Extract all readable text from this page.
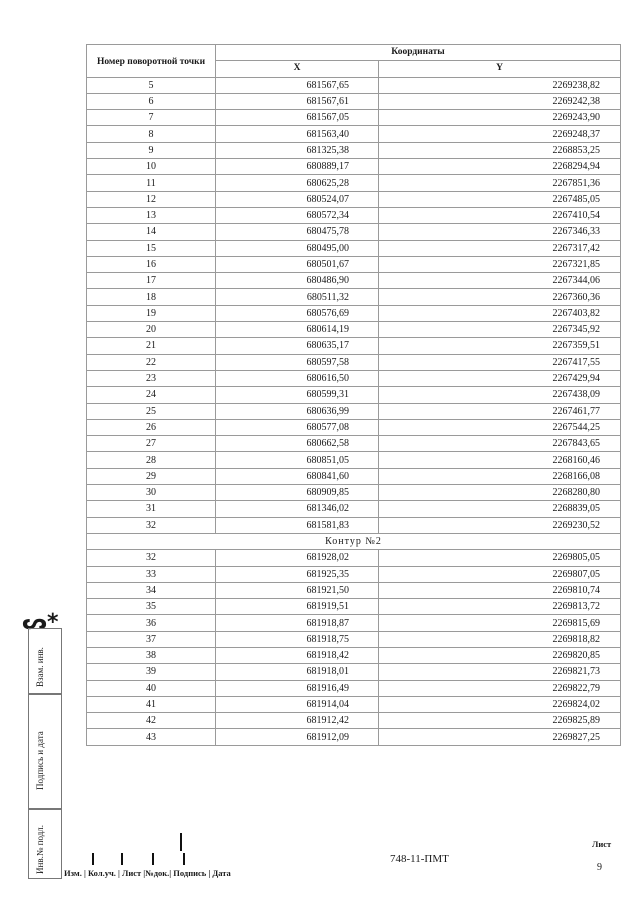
Номер поворотной точки	Координаты	
	X	Y
5	681567,65	2269238,82
6	681567,61	2269242,38
7	681567,05	2269243,90
8	681563,40	2269248,37
9	681325,38	2268853,25
10	680889,17	2268294,94
11	680625,28	2267851,36
12	680524,07	2267485,05
13	680572,34	2267410,54
14	680475,78	2267346,33
15	680495,00	2267317,42
16	680501,67	2267321,85
17	680486,90	2267344,06
18	680511,32	2267360,36
19	680576,69	2267403,82
20	680614,19	2267345,92
21	680635,17	2267359,51
22	680597,58	2267417,55
23	680616,50	2267429,94
24	680599,31	2267438,09
25	680636,99	2267461,77
26	680577,08	2267544,25
27	680662,58	2267843,65
28	680851,05	2268160,46
29	680841,60	2268166,08
30	680909,85	2268280,80
31	681346,02	2268839,05
32	681581,83	2269230,52
Контур №2		
32	681928,02	2269805,05
33	681925,35	2269807,05
34	681921,50	2269810,74
35	681919,51	2269813,72
36	681918,87	2269815,69
37	681918,75	2269818,82
38	681918,42	2269820,85
39	681918,01	2269821,73
40	681916,49	2269822,79
41	681914,04	2269824,02
42	681912,42	2269825,89
43	681912,09	2269827,25
ᔕ*
Взам. инв.
Подпись и дата
Инв.№ подл. Изм. | Кол.уч. | Лист |№док.| Подпись | Дата
748-11-ПМТ
Лист
9
